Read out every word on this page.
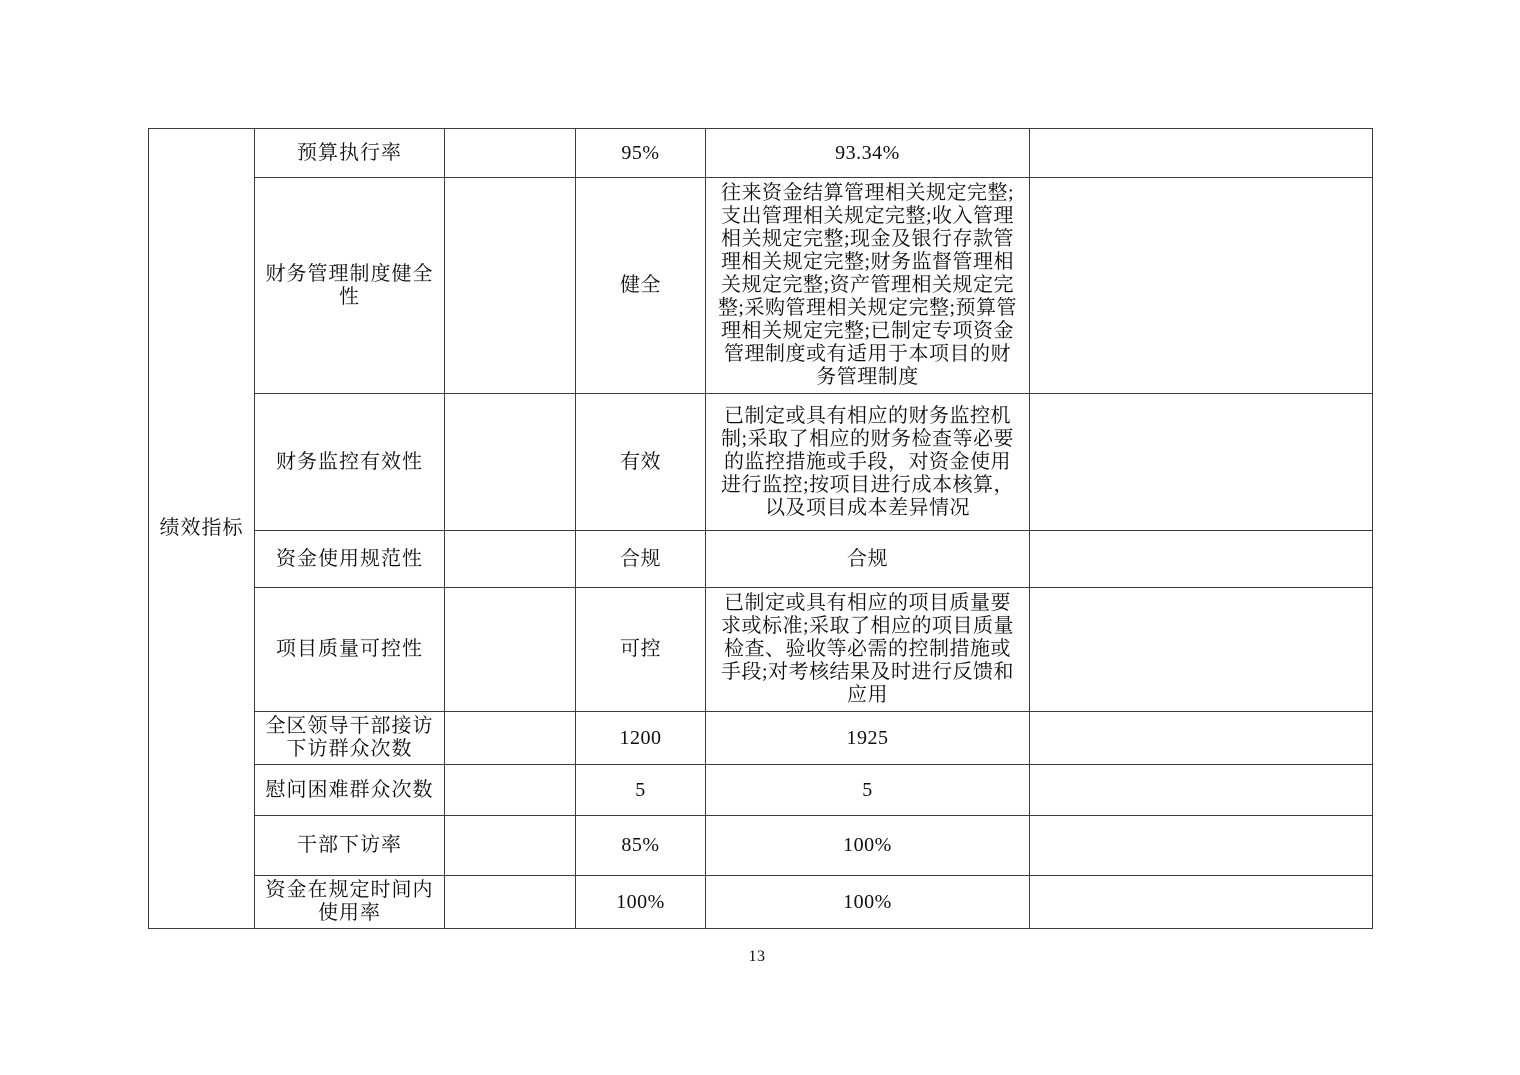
绩效指标	预算执行率		95%	93.34%	
	财务管理制度健全性		健全	往来资金结算管理相关规定完整;支出管理相关规定完整;收入管理相关规定完整;现金及银行存款管理相关规定完整;财务监督管理相关规定完整;资产管理相关规定完整;采购管理相关规定完整;预算管理相关规定完整;已制定专项资金管理制度或有适用于本项目的财务管理制度	
	财务监控有效性		有效	已制定或具有相应的财务监控机制;采取了相应的财务检查等必要的监控措施或手段，对资金使用进行监控;按项目进行成本核算，以及项目成本差异情况	
	资金使用规范性		合规	合规	
	项目质量可控性		可控	已制定或具有相应的项目质量要求或标准;采取了相应的项目质量检查、验收等必需的控制措施或手段;对考核结果及时进行反馈和应用	
	全区领导干部接访下访群众次数		1200	1925	
	慰问困难群众次数		5	5	
	干部下访率		85%	100%	
	资金在规定时间内使用率		100%	100%	
13
